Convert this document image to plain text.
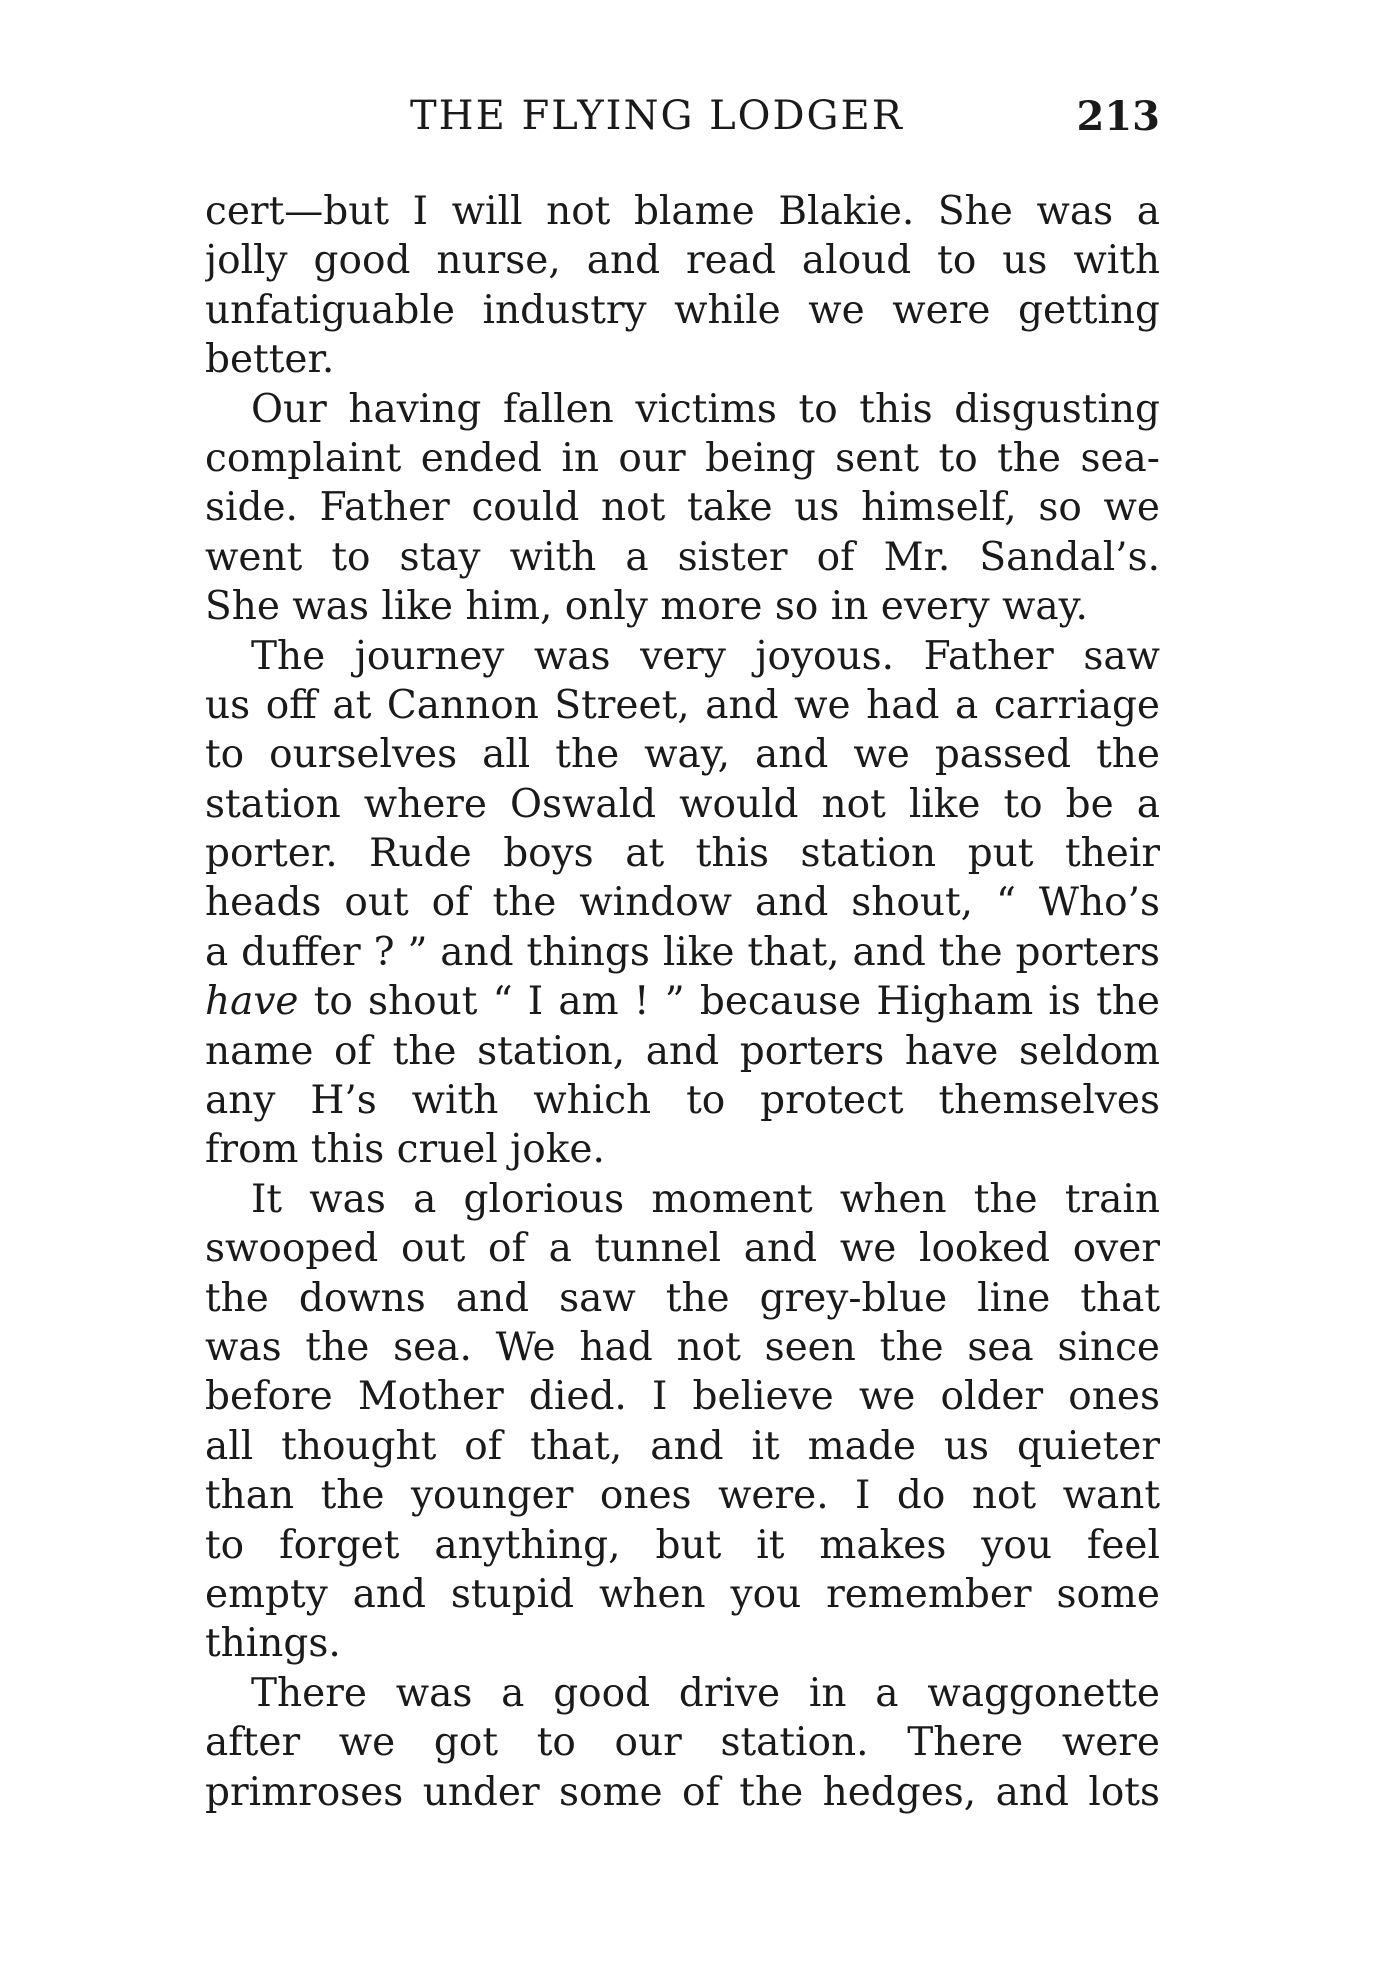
THE FLYING LODGER	213
cert—but I will not blame Blakie. She was a
jolly good nurse, and read aloud to us with
unfatiguable industry while we were getting
better.
Our having fallen victims to this disgusting
complaint ended in our being sent to the sea-
side. Father could not take us himself, so we
went to stay with a sister of Mr. Sandal’s.
She was like him, only more so in every way.
The journey was very joyous. Father saw
us off at Cannon Street, and we had a carriage
to ourselves all the way, and we passed the
station where Oswald would not like to be a
porter. Rude boys at this station put their
heads out of the window and shout, “ Who’s
a duffer ? ” and things like that, and the porters
have to shout “ I am ! ” because Higham is the
name of the station, and porters have seldom
any H’s with which to protect themselves
from this cruel joke.
It was a glorious moment when the train
swooped out of a tunnel and we looked over
the downs and saw the grey-blue line that
was the sea. We had not seen the sea since
before Mother died. I believe we older ones
all thought of that, and it made us quieter
than the younger ones were. I do not want
to forget anything, but it makes you feel
empty and stupid when you remember some
things.
There was a good drive in a waggonette
after we got to our station. There were
primroses under some of the hedges, and lots
